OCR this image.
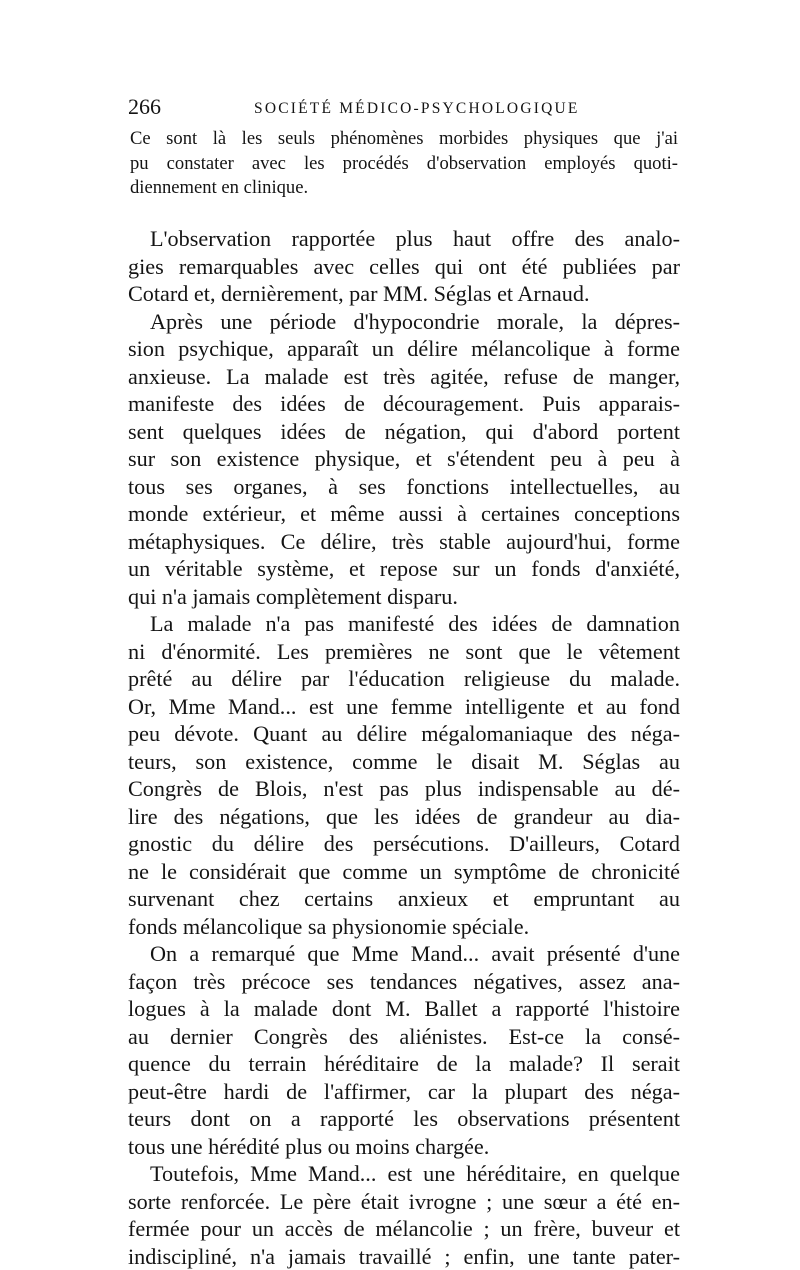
266	SOCIÉTÉ MÉDICO-PSYCHOLOGIQUE
Ce sont là les seuls phénomènes morbides physiques que j'ai
pu constater avec les procédés d'observation employés quoti-
diennement en clinique.
L'observation rapportée plus haut offre des analo-
gies remarquables avec celles qui ont été publiées par
Cotard et, dernièrement, par MM. Séglas et Arnaud.
Après une période d'hypocondrie morale, la dépres-
sion psychique, apparaît un délire mélancolique à forme
anxieuse. La malade est très agitée, refuse de manger,
manifeste des idées de découragement. Puis apparais-
sent quelques idées de négation, qui d'abord portent
sur son existence physique, et s'étendent peu à peu à
tous ses organes, à ses fonctions intellectuelles, au
monde extérieur, et même aussi à certaines conceptions
métaphysiques. Ce délire, très stable aujourd'hui, forme
un véritable système, et repose sur un fonds d'anxiété,
qui n'a jamais complètement disparu.
La malade n'a pas manifesté des idées de damnation
ni d'énormité. Les premières ne sont que le vêtement
prêté au délire par l'éducation religieuse du malade.
Or, Mme Mand... est une femme intelligente et au fond
peu dévote. Quant au délire mégalomaniaque des néga-
teurs, son existence, comme le disait M. Séglas au
Congrès de Blois, n'est pas plus indispensable au dé-
lire des négations, que les idées de grandeur au dia-
gnostic du délire des persécutions. D'ailleurs, Cotard
ne le considérait que comme un symptôme de chronicité
survenant chez certains anxieux et empruntant au
fonds mélancolique sa physionomie spéciale.
On a remarqué que Mme Mand... avait présenté d'une
façon très précoce ses tendances négatives, assez ana-
logues à la malade dont M. Ballet a rapporté l'histoire
au dernier Congrès des aliénistes. Est-ce la consé-
quence du terrain héréditaire de la malade? Il serait
peut-être hardi de l'affirmer, car la plupart des néga-
teurs dont on a rapporté les observations présentent
tous une hérédité plus ou moins chargée.
Toutefois, Mme Mand... est une héréditaire, en quelque
sorte renforcée. Le père était ivrogne ; une sœur a été en-
fermée pour un accès de mélancolie ; un frère, buveur et
indiscipliné, n'a jamais travaillé ; enfin, une tante pater-
